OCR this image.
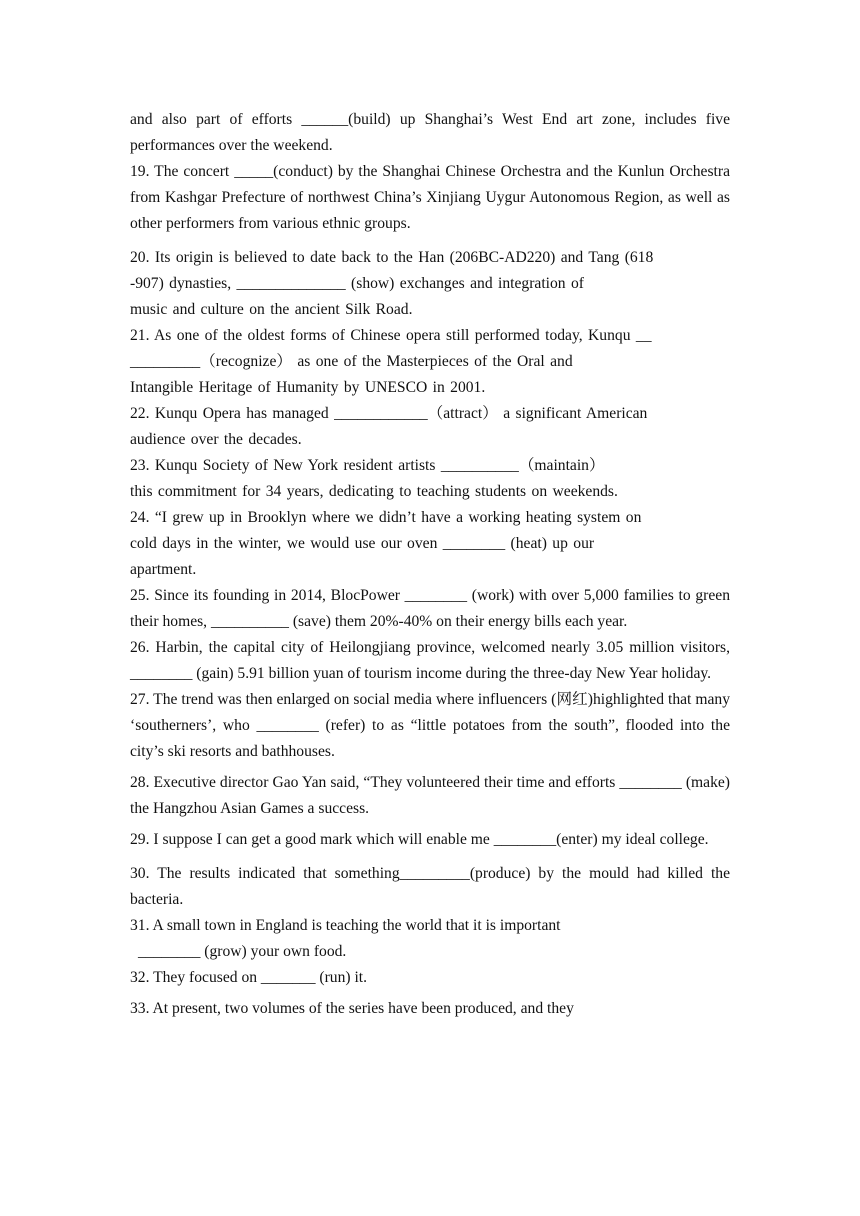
and also part of efforts ______(build) up Shanghai’s West End art zone, includes five performances over the weekend.

19. The concert _____(conduct) by the Shanghai Chinese Orchestra and the Kunlun Orchestra from Kashgar Prefecture of northwest China’s Xinjiang Uygur Autonomous Region, as well as other performers from various ethnic groups.

20. Its origin is believed to date back to the Han (206BC-AD220) and Tang (618

-907) dynasties, ______________ (show) exchanges and integration of

music and culture on the ancient Silk Road.

21. As one of the oldest forms of Chinese opera still performed today, Kunqu __

_________（recognize） as one of the Masterpieces of the Oral and

Intangible Heritage of Humanity by UNESCO in 2001.

22. Kunqu Opera has managed ____________（attract） a significant American

audience over the decades.

23. Kunqu Society of New York resident artists __________（maintain）

this commitment for 34 years, dedicating to teaching students on weekends.

24. “I grew up in Brooklyn where we didn’t have a working heating system on

cold days in the winter, we would use our oven ________ (heat) up our

apartment.

25. Since its founding in 2014, BlocPower ________ (work) with over 5,000 families to green their homes, __________ (save) them 20%-40% on their energy bills each year.

26. Harbin, the capital city of Heilongjiang province, welcomed nearly 3.05 million visitors, ________ (gain) 5.91 billion yuan of tourism income during the three-day New Year holiday.

27. The trend was then enlarged on social media where influencers (网红)highlighted that many ‘southerners’, who ________ (refer) to as “little potatoes from the south”, flooded into the city’s ski resorts and bathhouses.

28. Executive director Gao Yan said, “They volunteered their time and efforts ________ (make) the Hangzhou Asian Games a success.

29. I suppose I can get a good mark which will enable me ________(enter) my ideal college.

30. The results indicated that something_________(produce) by the mould had killed the bacteria.

31. A small town in England is teaching the world that it is important

________ (grow) your own food.

32. They focused on _______ (run) it.

33. At present, two volumes of the series have been produced, and they
